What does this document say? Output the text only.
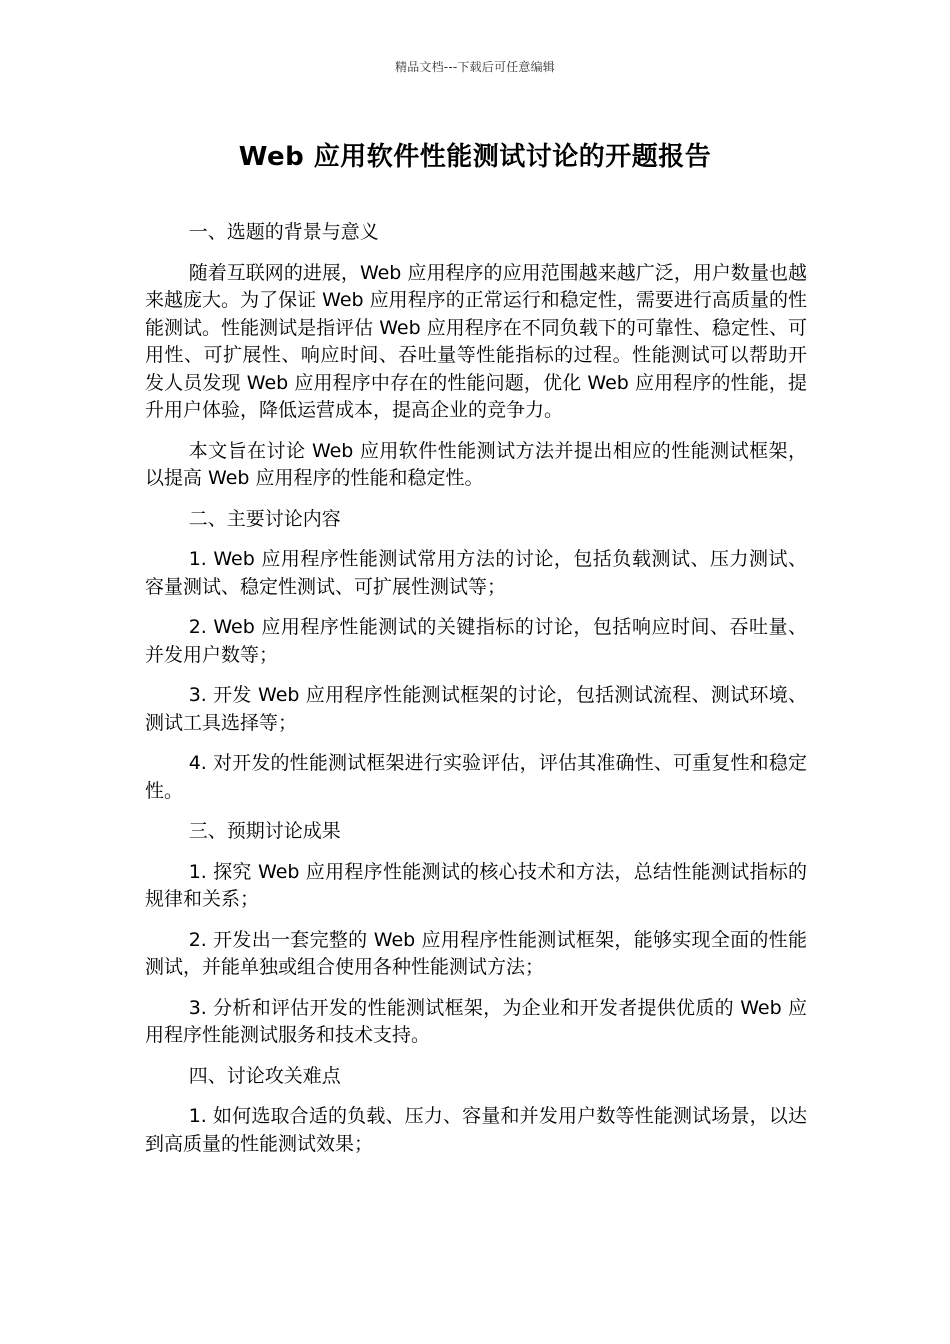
精品文档---下载后可任意编辑
Web 应用软件性能测试讨论的开题报告
一、选题的背景与意义
随着互联网的进展，Web 应用程序的应用范围越来越广泛，用户数量也越来越庞大。为了保证 Web 应用程序的正常运行和稳定性，需要进行高质量的性能测试。性能测试是指评估 Web 应用程序在不同负载下的可靠性、稳定性、可用性、可扩展性、响应时间、吞吐量等性能指标的过程。性能测试可以帮助开发人员发现 Web 应用程序中存在的性能问题，优化 Web 应用程序的性能，提升用户体验，降低运营成本，提高企业的竞争力。
本文旨在讨论 Web 应用软件性能测试方法并提出相应的性能测试框架，以提高 Web 应用程序的性能和稳定性。
二、主要讨论内容
1. Web 应用程序性能测试常用方法的讨论，包括负载测试、压力测试、容量测试、稳定性测试、可扩展性测试等；
2. Web 应用程序性能测试的关键指标的讨论，包括响应时间、吞吐量、并发用户数等；
3. 开发 Web 应用程序性能测试框架的讨论，包括测试流程、测试环境、测试工具选择等；
4. 对开发的性能测试框架进行实验评估，评估其准确性、可重复性和稳定性。
三、预期讨论成果
1. 探究 Web 应用程序性能测试的核心技术和方法，总结性能测试指标的规律和关系；
2. 开发出一套完整的 Web 应用程序性能测试框架，能够实现全面的性能测试，并能单独或组合使用各种性能测试方法；
3. 分析和评估开发的性能测试框架，为企业和开发者提供优质的 Web 应用程序性能测试服务和技术支持。
四、讨论攻关难点
1. 如何选取合适的负载、压力、容量和并发用户数等性能测试场景，以达到高质量的性能测试效果；
